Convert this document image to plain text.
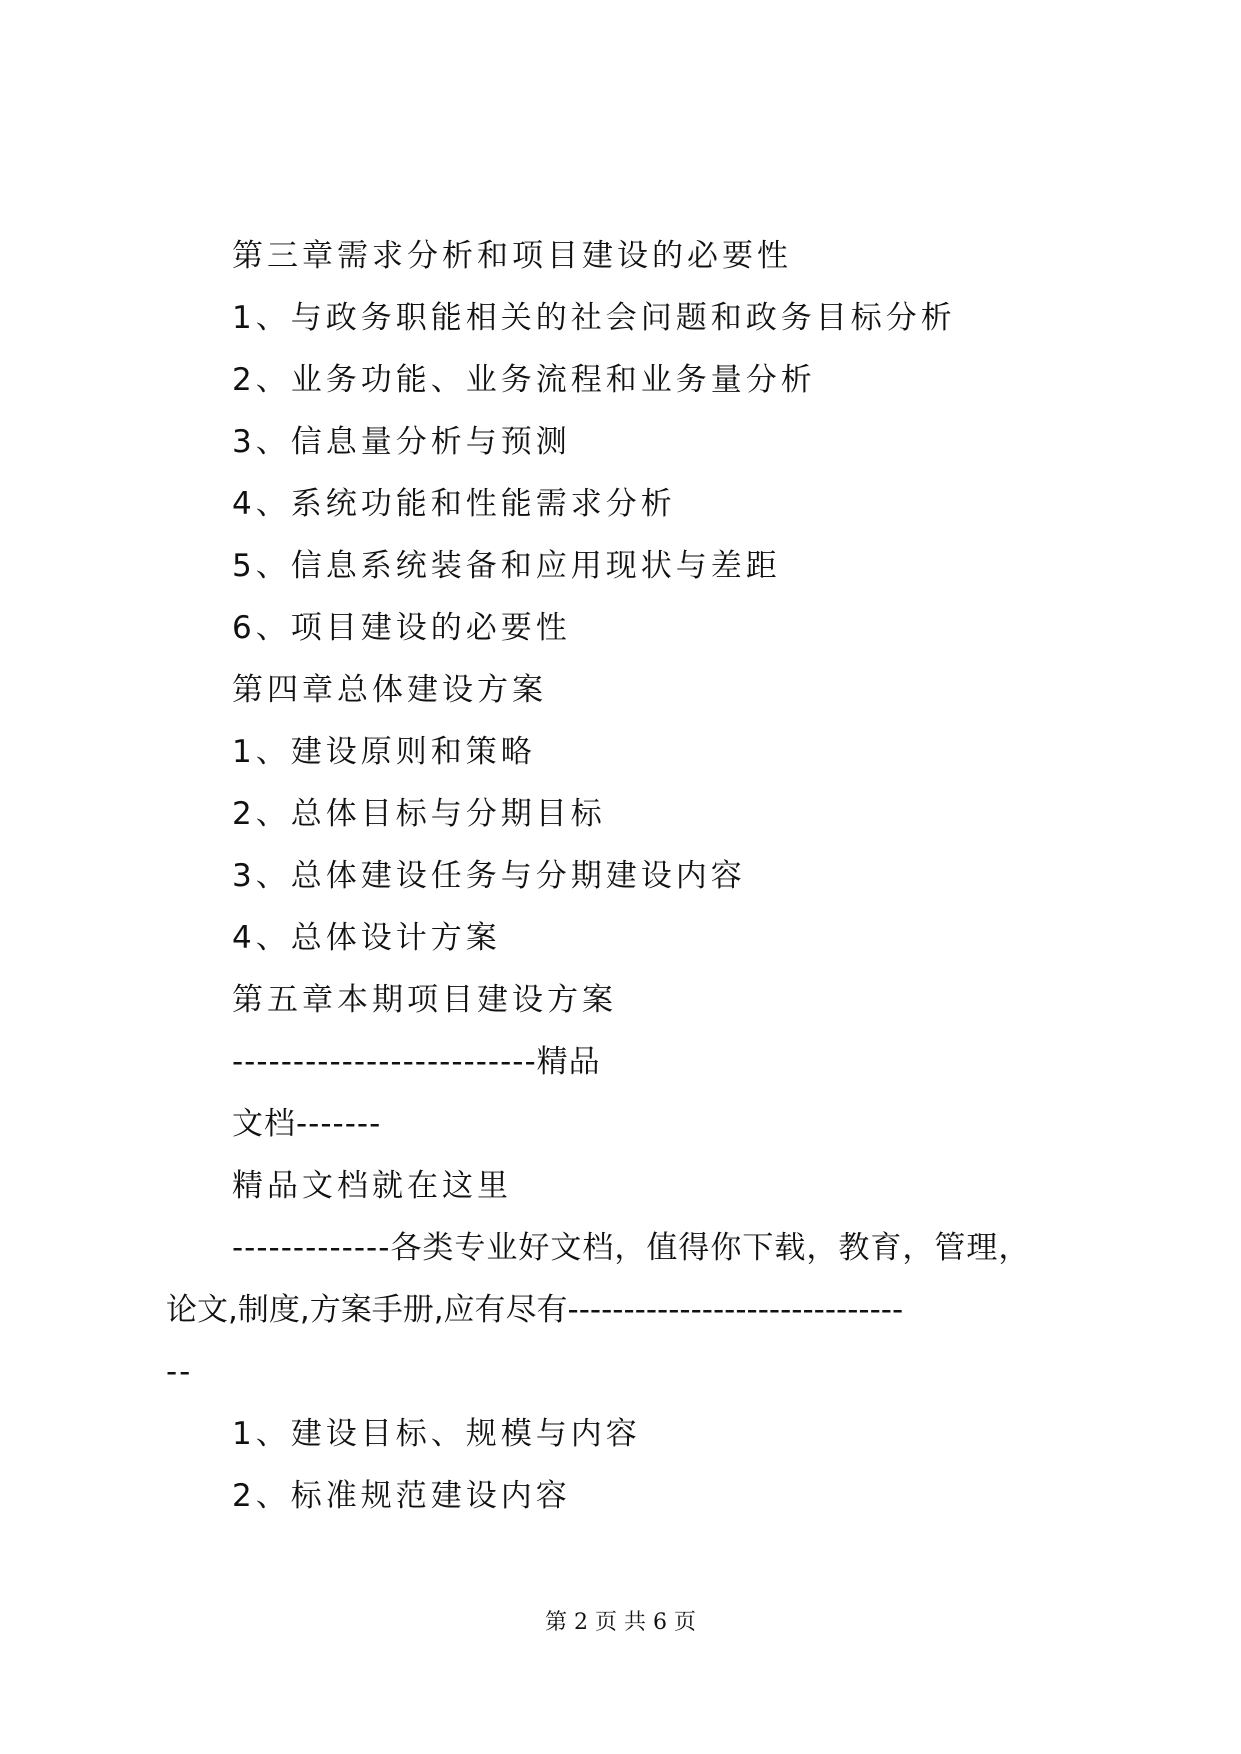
第三章需求分析和项目建设的必要性
1、与政务职能相关的社会问题和政务目标分析
2、业务功能、业务流程和业务量分析
3、信息量分析与预测
4、系统功能和性能需求分析
5、信息系统装备和应用现状与差距
6、项目建设的必要性
第四章总体建设方案
1、建设原则和策略
2、总体目标与分期目标
3、总体建设任务与分期建设内容
4、总体设计方案
第五章本期项目建设方案
-------------------------精品
文档-------
精品文档就在这里
-------------各类专业好文档，值得你下载，教育，管理，
论文,制度,方案手册,应有尽有------------------------------
--
1、建设目标、规模与内容
2、标准规范建设内容
第 2 页 共 6 页
